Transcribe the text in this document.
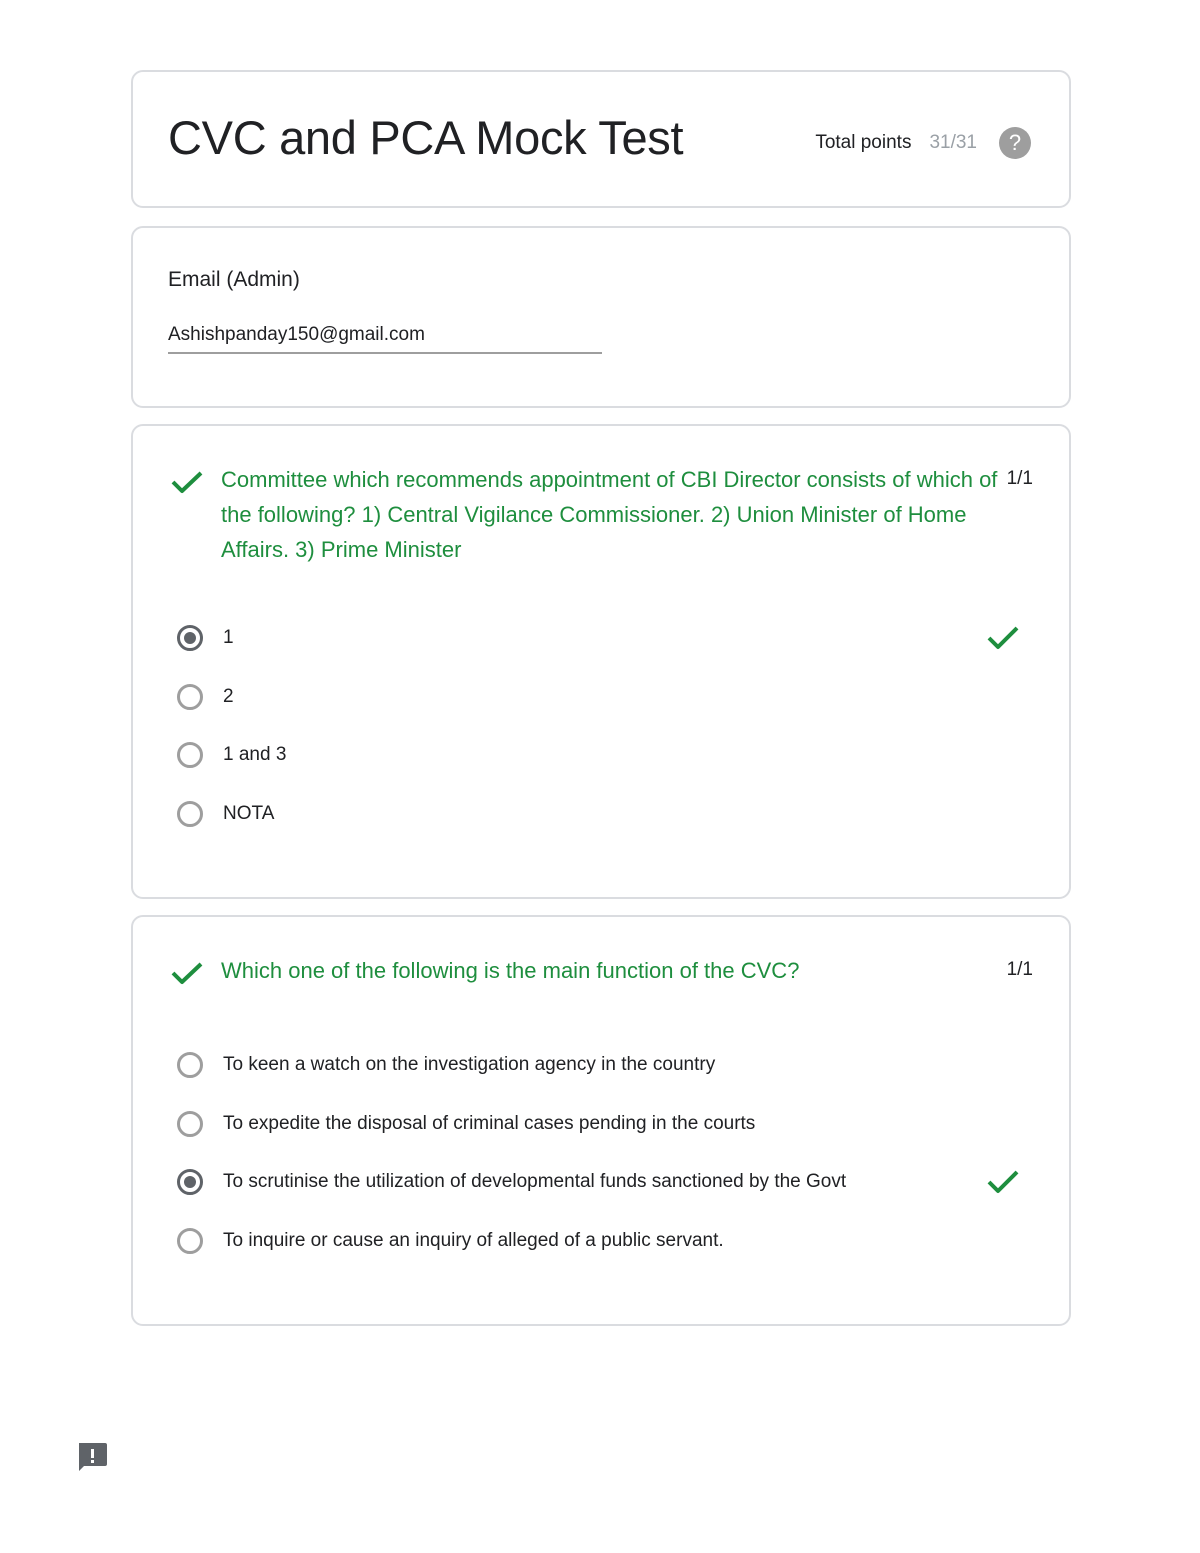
CVC and PCA Mock Test	Total points 31/31	?
Email (Admin)
Ashishpanday150@gmail.com
Committee which recommends appointment of CBI Director consists of which of the following? 1) Central Vigilance Commissioner. 2) Union Minister of Home Affairs. 3) Prime Minister
1/1
1
2
1 and 3
NOTA
Which one of the following is the main function of the CVC?	1/1
To keen a watch on the investigation agency in the country
To expedite the disposal of criminal cases pending in the courts
To scrutinise the utilization of developmental funds sanctioned by the Govt
To inquire or cause an inquiry of alleged of a public servant.
